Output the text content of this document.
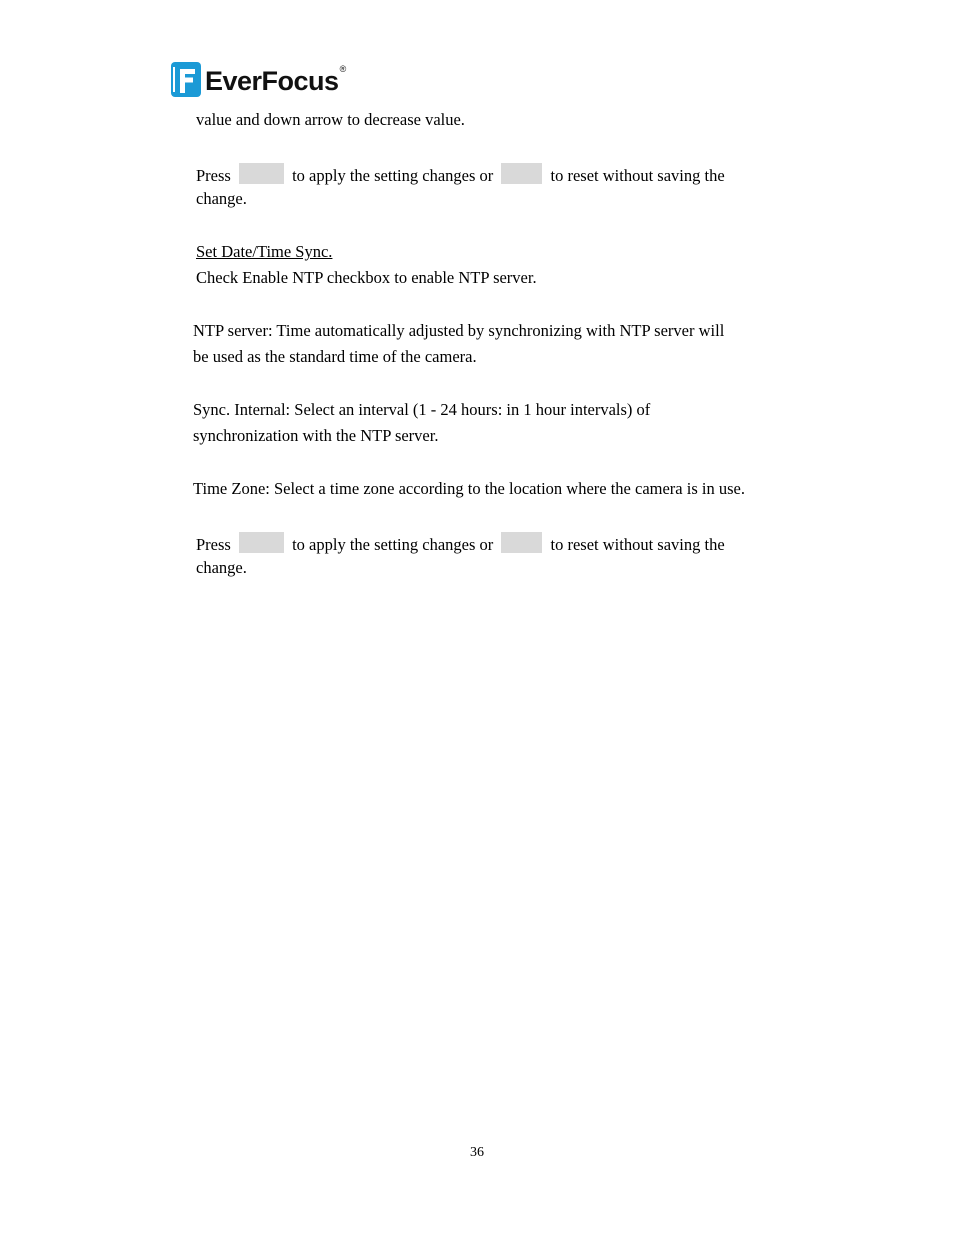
EverFocus ®
value and down arrow to decrease value.
Press	to apply the setting changes or	to reset without saving the
change.
Set Date/Time Sync.
Check Enable NTP checkbox to enable NTP server.
NTP server: Time automatically adjusted by synchronizing with NTP server will
be used as the standard time of the camera.
Sync. Internal: Select an interval (1 - 24 hours: in 1 hour intervals) of
synchronization with the NTP server.
Time Zone: Select a time zone according to the location where the camera is in use.
Press	to apply the setting changes or	to reset without saving the
change.
36
